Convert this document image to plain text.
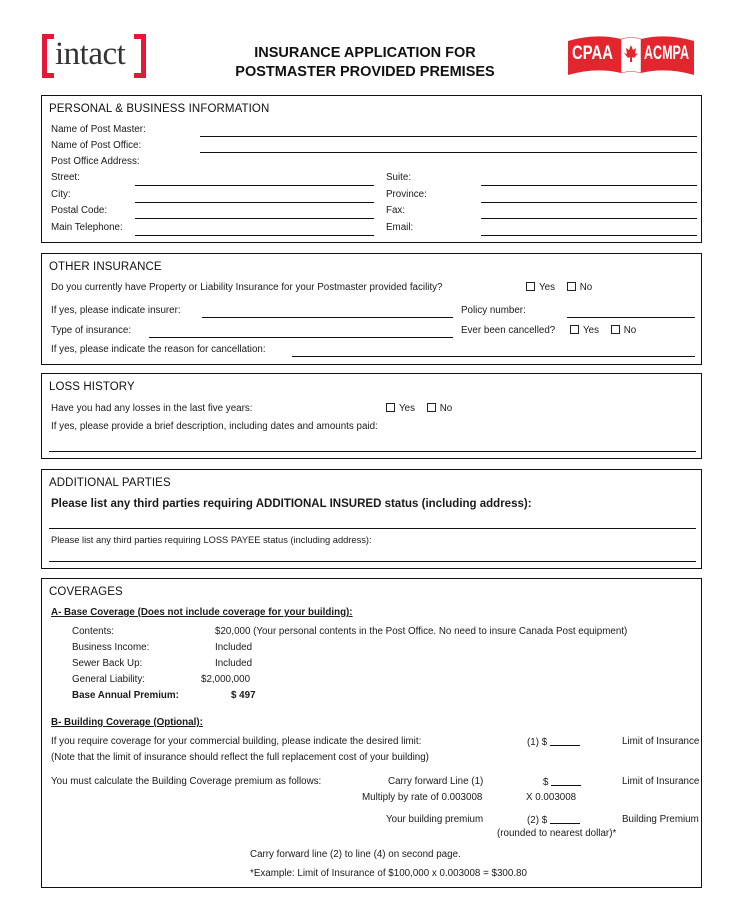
intact	INSURANCE APPLICATION FOR
POSTMASTER PROVIDED PREMISES
CPAA ACMPA
PERSONAL & BUSINESS INFORMATION
Name of Post Master:
Name of Post Office:
Post Office Address:
Street:	Suite:
City:	Province:
Postal Code:	Fax:
Main Telephone:	Email:
OTHER INSURANCE
Do you currently have Property or Liability Insurance for your Postmaster provided facility?	Yes	No
If yes, please indicate insurer:	Policy number:
Type of insurance:	Ever been cancelled?	Yes	No
If yes, please indicate the reason for cancellation:
LOSS HISTORY
Have you had any losses in the last five years:	Yes	No
If yes, please provide a brief description, including dates and amounts paid:
ADDITIONAL PARTIES
Please list any third parties requiring ADDITIONAL INSURED status (including address):
Please list any third parties requiring LOSS PAYEE status (including address):
COVERAGES
A- Base Coverage (Does not include coverage for your building):
Contents:	$20,000 (Your personal contents in the Post Office. No need to insure Canada Post equipment)
Business Income:	Included
Sewer Back Up:	Included
General Liability:	$2,000,000
Base Annual Premium:	$ 497
B- Building Coverage (Optional):
If you require coverage for your commercial building, please indicate the desired limit:
(Note that the limit of insurance should reflect the full replacement cost of your building)
(1) $	Limit of Insurance
You must calculate the Building Coverage premium as follows:	Carry forward Line (1)	$	Limit of Insurance
Multiply by rate of 0.003008	X 0.003008
Your building premium	(2) $	Building Premium
(rounded to nearest dollar)*
Carry forward line (2) to line (4) on second page.
*Example: Limit of Insurance of $100,000 x 0.003008 = $300.80
